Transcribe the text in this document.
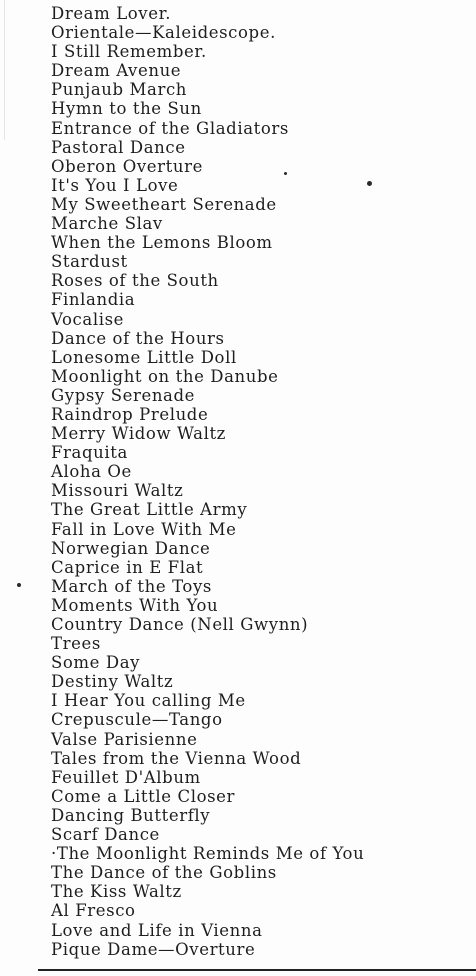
Dream Lover.
Orientale—Kaleidescope.
I Still Remember.
Dream Avenue
Punjaub March
Hymn to the Sun
Entrance of the Gladiators
Pastoral Dance
Oberon Overture
It's You I Love
My Sweetheart Serenade
Marche Slav
When the Lemons Bloom
Stardust
Roses of the South
Finlandia
Vocalise
Dance of the Hours
Lonesome Little Doll
Moonlight on the Danube
Gypsy Serenade
Raindrop Prelude
Merry Widow Waltz
Fraquita
Aloha Oe
Missouri Waltz
The Great Little Army
Fall in Love With Me
Norwegian Dance
Caprice in E Flat
March of the Toys
Moments With You
Country Dance (Nell Gwynn)
Trees
Some Day
Destiny Waltz
I Hear You calling Me
Crepuscule—Tango
Valse Parisienne
Tales from the Vienna Wood
Feuillet D'Album
Come a Little Closer
Dancing Butterfly
Scarf Dance
·The Moonlight Reminds Me of You
The Dance of the Goblins
The Kiss Waltz
Al Fresco
Love and Life in Vienna
Pique Dame—Overture
